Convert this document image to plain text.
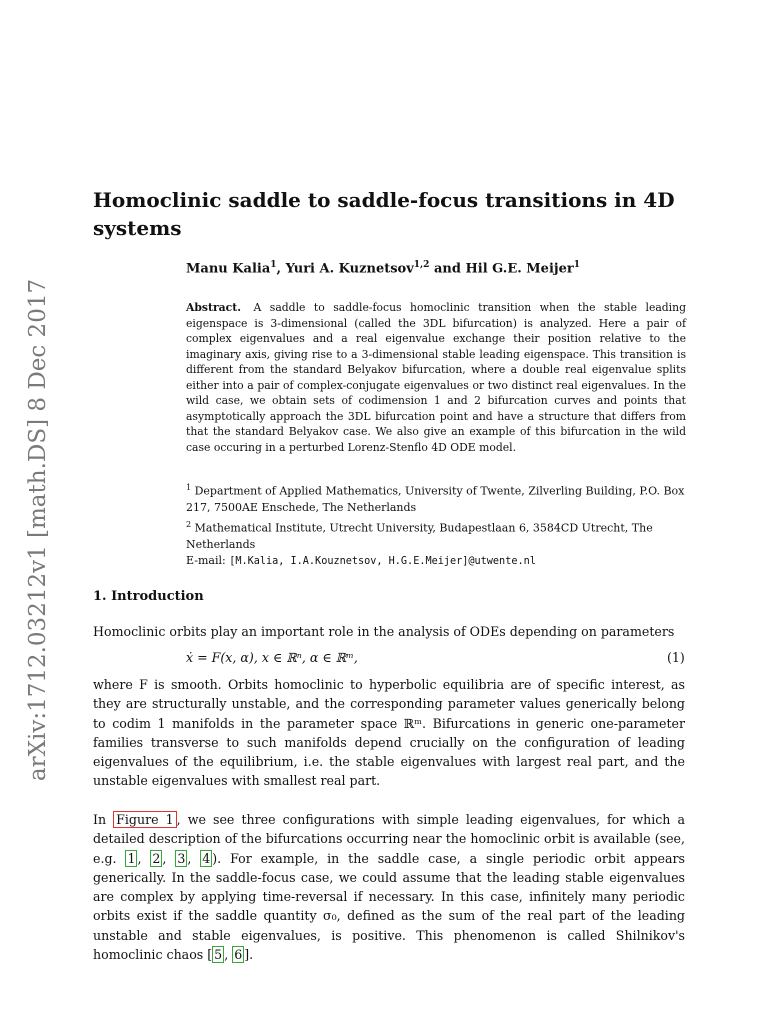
arXiv:1712.03212v1 [math.DS] 8 Dec 2017
Homoclinic saddle to saddle-focus transitions in 4D systems
Manu Kalia$^1$, Yuri A. Kuznetsov$^{1,2}$ and Hil G.E. Meijer$^1$
Abstract. A saddle to saddle-focus homoclinic transition when the stable leading eigenspace is 3-dimensional (called the 3DL bifurcation) is analyzed. Here a pair of complex eigenvalues and a real eigenvalue exchange their position relative to the imaginary axis, giving rise to a 3-dimensional stable leading eigenspace. This transition is different from the standard Belyakov bifurcation, where a double real eigenvalue splits either into a pair of complex-conjugate eigenvalues or two distinct real eigenvalues. In the wild case, we obtain sets of codimension 1 and 2 bifurcation curves and points that asymptotically approach the 3DL bifurcation point and have a structure that differs from that the standard Belyakov case. We also give an example of this bifurcation in the wild case occuring in a perturbed Lorenz-Stenflo 4D ODE model.
$^1$ Department of Applied Mathematics, University of Twente, Zilverling Building, P.O. Box 217, 7500AE Enschede, The Netherlands
$^2$ Mathematical Institute, Utrecht University, Budapestlaan 6, 3584CD Utrecht, The Netherlands
E-mail: [M.Kalia, I.A.Kouznetsov, H.G.E.Meijer]@utwente.nl
1. Introduction
Homoclinic orbits play an important role in the analysis of ODEs depending on parameters
ẋ = F(x, α), x ∈ ℝⁿ, α ∈ ℝᵐ,	(1)
where F is smooth. Orbits homoclinic to hyperbolic equilibria are of specific interest, as they are structurally unstable, and the corresponding parameter values generically belong to codim 1 manifolds in the parameter space ℝᵐ. Bifurcations in generic one-parameter families transverse to such manifolds depend crucially on the configuration of leading eigenvalues of the equilibrium, i.e. the stable eigenvalues with largest real part, and the unstable eigenvalues with smallest real part.
In Figure 1 , we see three configurations with simple leading eigenvalues, for which a detailed description of the bifurcations occurring near the homoclinic orbit is available (see, e.g. 1 , 2 , 3 , 4 ). For example, in the saddle case, a single periodic orbit appears generically. In the saddle-focus case, we could assume that the leading stable eigenvalues are complex by applying time-reversal if necessary. In this case, infinitely many periodic orbits exist if the saddle quantity σ₀, defined as the sum of the real part of the leading unstable and stable eigenvalues, is positive. This phenomenon is called Shilnikov's homoclinic chaos [ 5 , 6 ].
